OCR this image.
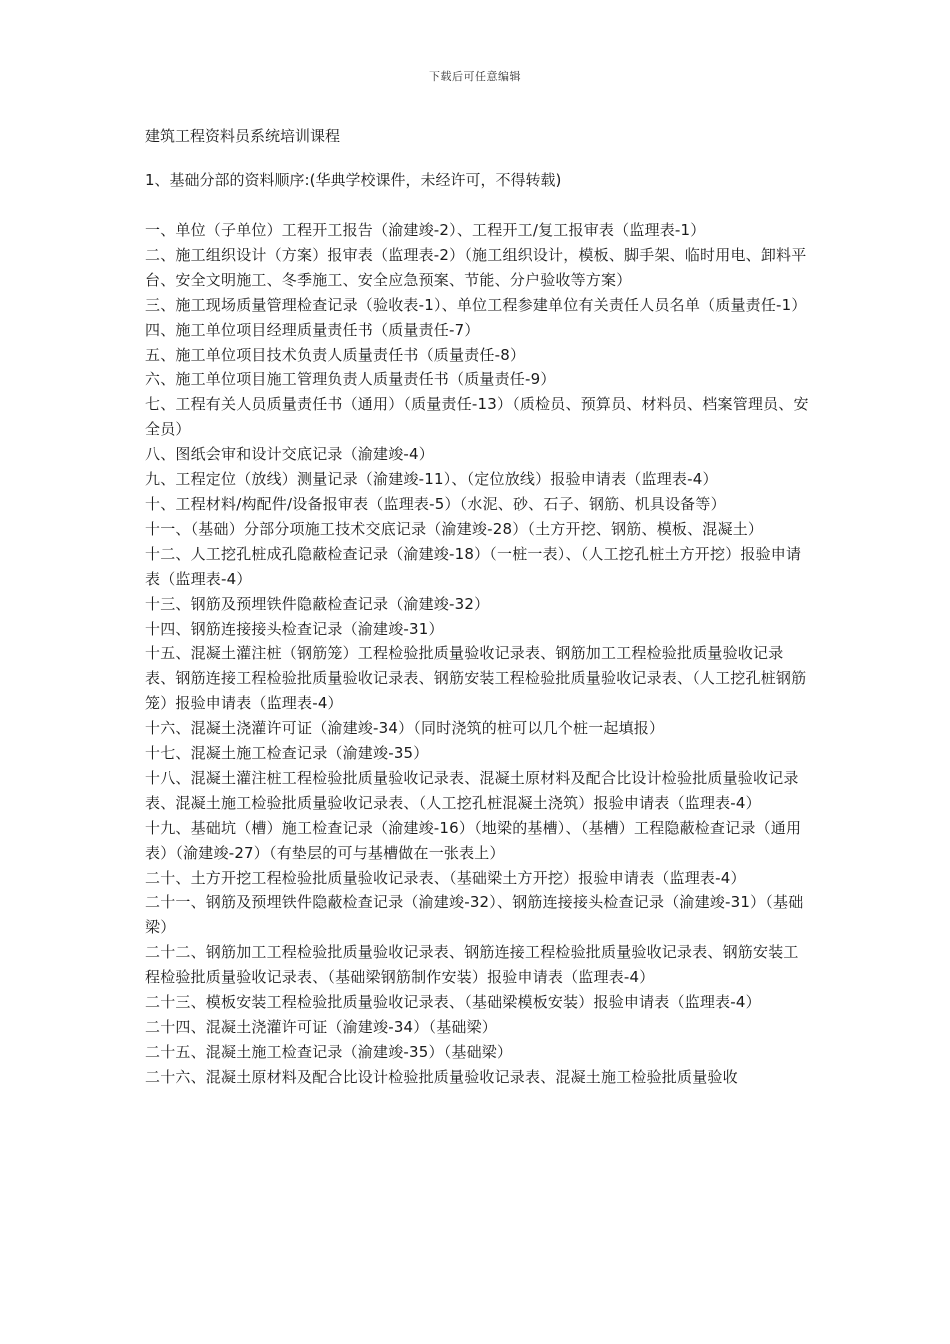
下载后可任意编辑

建筑工程资料员系统培训课程

1、基础分部的资料顺序:(华典学校课件，未经许可，不得转载)

一、单位（子单位）工程开工报告（渝建竣-2）、工程开工/复工报审表（监理表-1）
二、施工组织设计（方案）报审表（监理表-2）（施工组织设计，模板、脚手架、临时用电、卸料平台、安全文明施工、冬季施工、安全应急预案、节能、分户验收等方案）
三、施工现场质量管理检查记录（验收表-1）、单位工程参建单位有关责任人员名单（质量责任-1）
四、施工单位项目经理质量责任书（质量责任-7）
五、施工单位项目技术负责人质量责任书（质量责任-8）
六、施工单位项目施工管理负责人质量责任书（质量责任-9）
七、工程有关人员质量责任书（通用）（质量责任-13）（质检员、预算员、材料员、档案管理员、安全员）
八、图纸会审和设计交底记录（渝建竣-4）
九、工程定位（放线）测量记录（渝建竣-11）、（定位放线）报验申请表（监理表-4）
十、工程材料/构配件/设备报审表（监理表-5）（水泥、砂、石子、钢筋、机具设备等）
十一、（基础）分部分项施工技术交底记录（渝建竣-28）（土方开挖、钢筋、模板、混凝土）
十二、人工挖孔桩成孔隐蔽检查记录（渝建竣-18）（一桩一表）、（人工挖孔桩土方开挖）报验申请表（监理表-4）
十三、钢筋及预埋铁件隐蔽检查记录（渝建竣-32）
十四、钢筋连接接头检查记录（渝建竣-31）
十五、混凝土灌注桩（钢筋笼）工程检验批质量验收记录表、钢筋加工工程检验批质量验收记录表、钢筋连接工程检验批质量验收记录表、钢筋安装工程检验批质量验收记录表、（人工挖孔桩钢筋笼）报验申请表（监理表-4）
十六、混凝土浇灌许可证（渝建竣-34）（同时浇筑的桩可以几个桩一起填报）
十七、混凝土施工检查记录（渝建竣-35）
十八、混凝土灌注桩工程检验批质量验收记录表、混凝土原材料及配合比设计检验批质量验收记录表、混凝土施工检验批质量验收记录表、（人工挖孔桩混凝土浇筑）报验申请表（监理表-4）
十九、基础坑（槽）施工检查记录（渝建竣-16）（地梁的基槽）、（基槽）工程隐蔽检查记录（通用表）（渝建竣-27）（有垫层的可与基槽做在一张表上）
二十、土方开挖工程检验批质量验收记录表、（基础梁土方开挖）报验申请表（监理表-4）
二十一、钢筋及预埋铁件隐蔽检查记录（渝建竣-32）、钢筋连接接头检查记录（渝建竣-31）（基础梁）
二十二、钢筋加工工程检验批质量验收记录表、钢筋连接工程检验批质量验收记录表、钢筋安装工程检验批质量验收记录表、（基础梁钢筋制作安装）报验申请表（监理表-4）
二十三、模板安装工程检验批质量验收记录表、（基础梁模板安装）报验申请表（监理表-4）
二十四、混凝土浇灌许可证（渝建竣-34）（基础梁）
二十五、混凝土施工检查记录（渝建竣-35）（基础梁）
二十六、混凝土原材料及配合比设计检验批质量验收记录表、混凝土施工检验批质量验收
